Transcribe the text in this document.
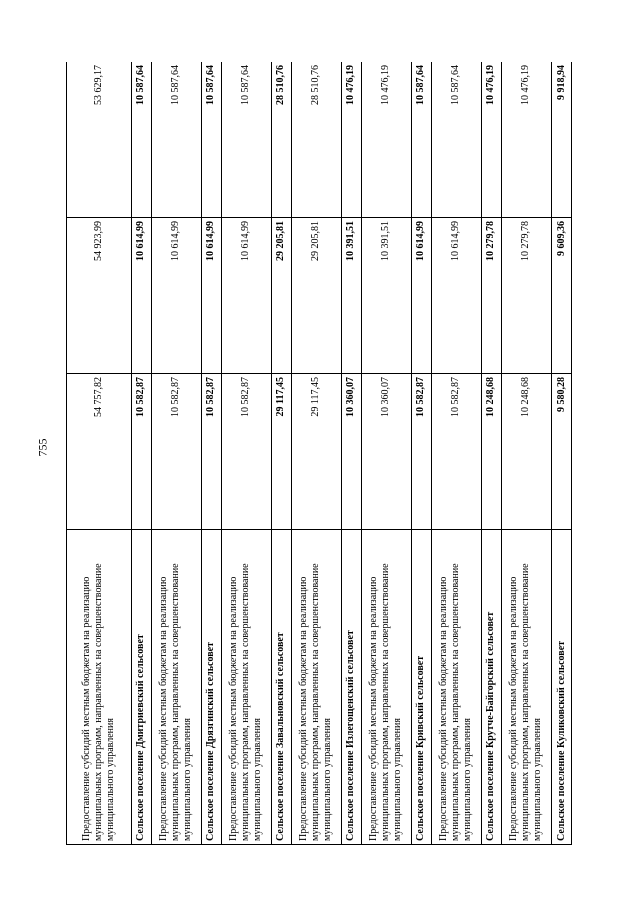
755
Предоставление субсидий местным бюджетам на реализацию муниципальных программ, направленных на совершенствование муниципального управления	54 757,82	54 923,99	53 629,17
Сельское поселение Дмитриевский сельсовет	10 582,87	10 614,99	10 587,64
Предоставление субсидий местным бюджетам на реализацию муниципальных программ, направленных на совершенствование муниципального управления	10 582,87	10 614,99	10 587,64
Сельское поселение Дрязгинский сельсовет	10 582,87	10 614,99	10 587,64
Предоставление субсидий местным бюджетам на реализацию муниципальных программ, направленных на совершенствование муниципального управления	10 582,87	10 614,99	10 587,64
Сельское поселение Завальновский сельсовет	29 117,45	29 205,81	28 510,76
Предоставление субсидий местным бюджетам на реализацию муниципальных программ, направленных на совершенствование муниципального управления	29 117,45	29 205,81	28 510,76
Сельское поселение Излегощенский сельсовет	10 360,07	10 391,51	10 476,19
Предоставление субсидий местным бюджетам на реализацию муниципальных программ, направленных на совершенствование муниципального управления	10 360,07	10 391,51	10 476,19
Сельское поселение Кривский сельсовет	10 582,87	10 614,99	10 587,64
Предоставление субсидий местным бюджетам на реализацию муниципальных программ, направленных на совершенствование муниципального управления	10 582,87	10 614,99	10 587,64
Сельское поселение Крутче-Байгорский сельсовет	10 248,68	10 279,78	10 476,19
Предоставление субсидий местным бюджетам на реализацию муниципальных программ, направленных на совершенствование муниципального управления	10 248,68	10 279,78	10 476,19
Сельское поселение Куликовский сельсовет	9 580,28	9 609,36	9 918,94
